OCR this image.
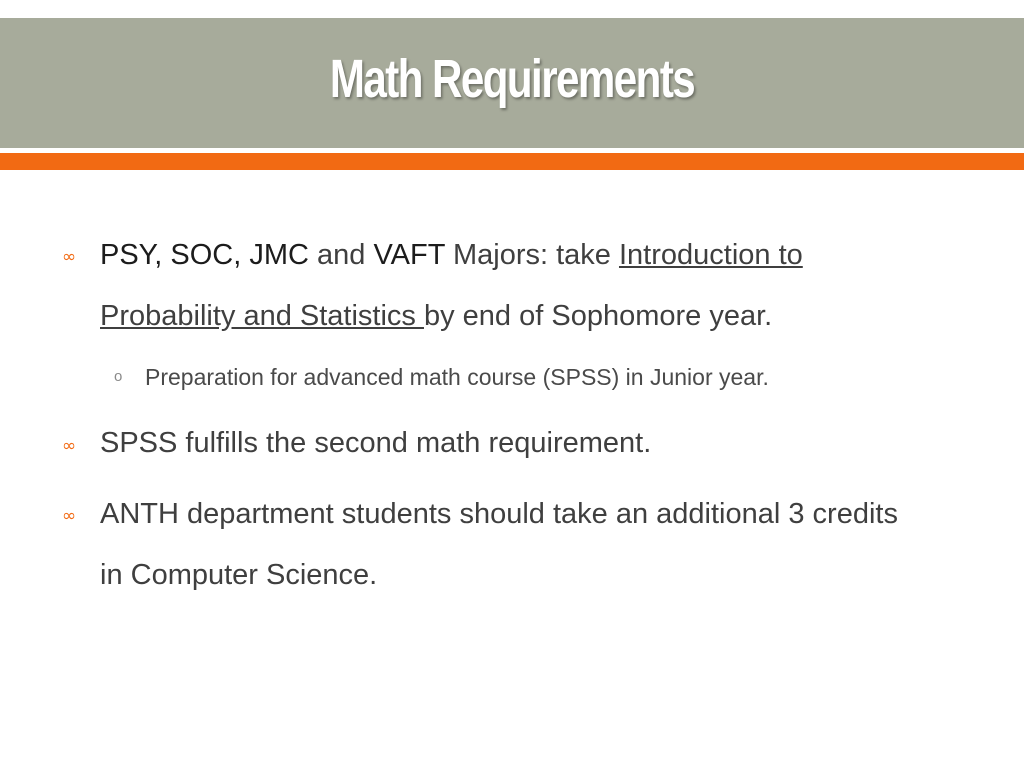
Math Requirements
∞ PSY, SOC, JMC and VAFT Majors: take Introduction to Probability and Statistics by end of Sophomore year.
o Preparation for advanced math course (SPSS) in Junior year.
∞ SPSS fulfills the second math requirement.
∞ ANTH department students should take an additional 3 credits in Computer Science.
